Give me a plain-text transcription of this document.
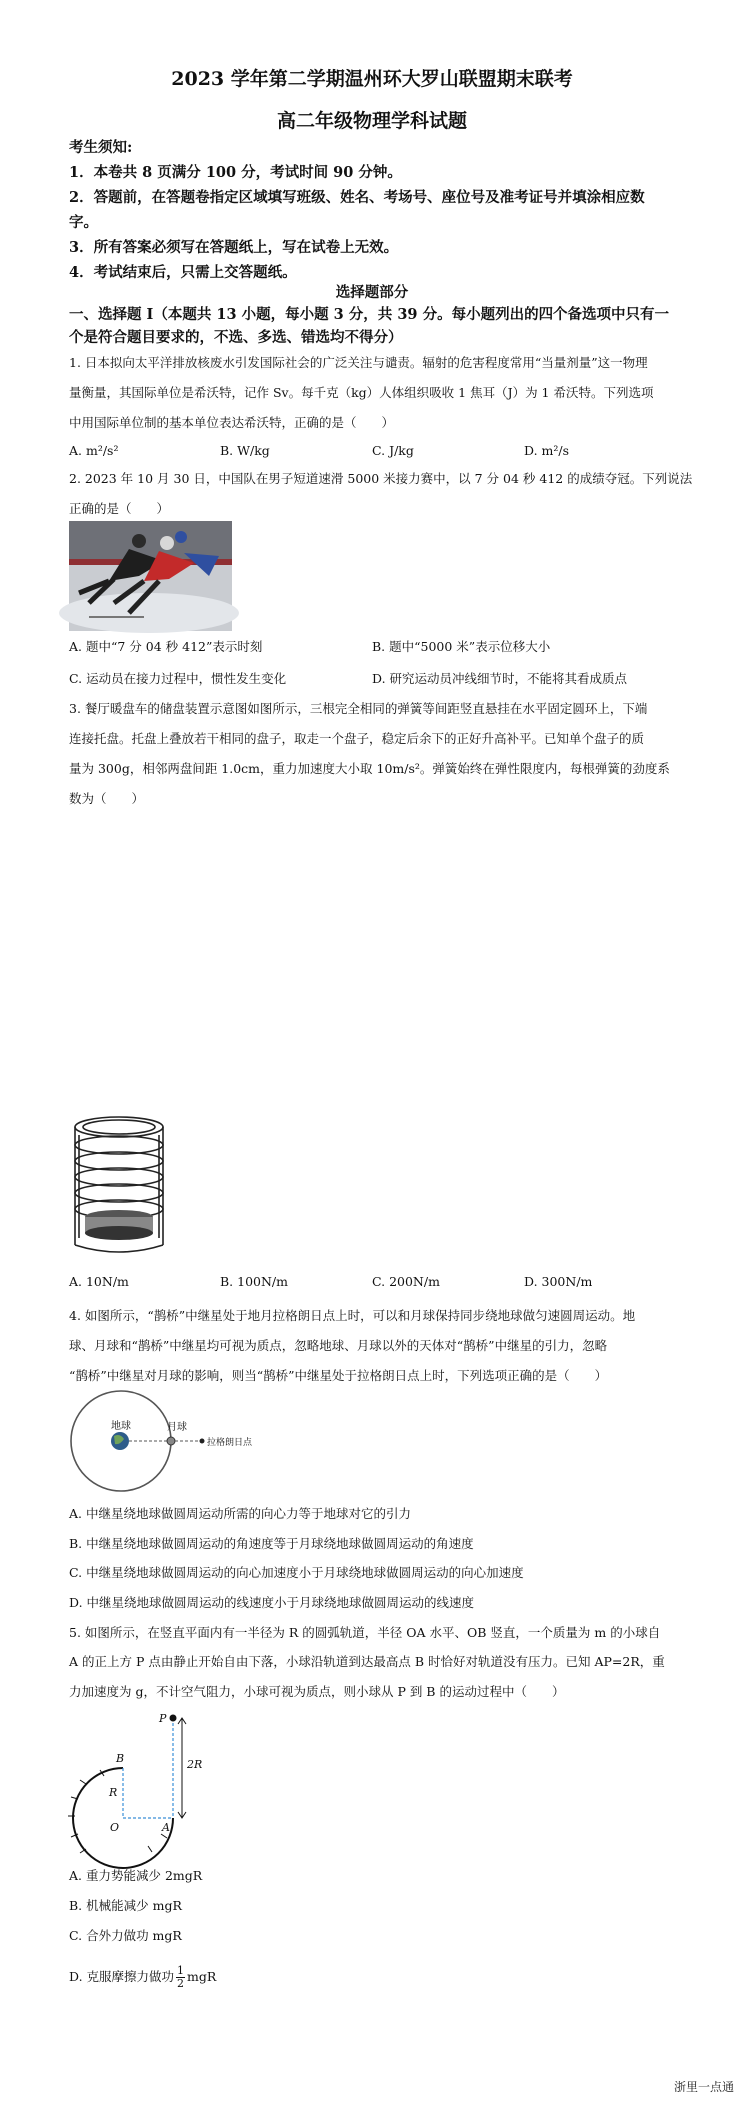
2023 学年第二学期温州环大罗山联盟期末联考
高二年级物理学科试题
考生须知:
1．本卷共 8 页满分 100 分，考试时间 90 分钟。
2．答题前，在答题卷指定区域填写班级、姓名、考场号、座位号及准考证号并填涂相应数
字。
3．所有答案必须写在答题纸上，写在试卷上无效。
4．考试结束后，只需上交答题纸。
选择题部分
一、选择题 I（本题共 13 小题，每小题 3 分，共 39 分。每小题列出的四个备选项中只有一
个是符合题目要求的，不选、多选、错选均不得分）
1. 日本拟向太平洋排放核废水引发国际社会的广泛关注与谴责。辐射的危害程度常用“当量剂量”这一物理
量衡量，其国际单位是希沃特，记作 Sv。每千克（kg）人体组织吸收 1 焦耳（J）为 1 希沃特。下列选项
中用国际单位制的基本单位表达希沃特，正确的是（　　）
A. m²/s²	B. W/kg	C. J/kg	D. m²/s
2. 2023 年 10 月 30 日，中国队在男子短道速滑 5000 米接力赛中，以 7 分 04 秒 412 的成绩夺冠。下列说法
正确的是（　　）
A. 题中“7 分 04 秒 412”表示时刻	B. 题中“5000 米”表示位移大小
C. 运动员在接力过程中，惯性发生变化	D. 研究运动员冲线细节时，不能将其看成质点
3. 餐厅暖盘车的储盘装置示意图如图所示，三根完全相同的弹簧等间距竖直悬挂在水平固定圆环上，下端
连接托盘。托盘上叠放若干相同的盘子，取走一个盘子，稳定后余下的正好升高补平。已知单个盘子的质
量为 300g，相邻两盘间距 1.0cm，重力加速度大小取 10m/s²。弹簧始终在弹性限度内，每根弹簧的劲度系
数为（　　）
A. 10N/m	B. 100N/m	C. 200N/m	D. 300N/m
4. 如图所示，“鹊桥”中继星处于地月拉格朗日点上时，可以和月球保持同步绕地球做匀速圆周运动。地
球、月球和“鹊桥”中继星均可视为质点，忽略地球、月球以外的天体对“鹊桥”中继星的引力，忽略
“鹊桥”中继星对月球的影响，则当“鹊桥”中继星处于拉格朗日点上时，下列选项正确的是（　　）
地球	月球
拉格朗日点
A. 中继星绕地球做圆周运动所需的向心力等于地球对它的引力
B. 中继星绕地球做圆周运动的角速度等于月球绕地球做圆周运动的角速度
C. 中继星绕地球做圆周运动的向心加速度小于月球绕地球做圆周运动的向心加速度
D. 中继星绕地球做圆周运动的线速度小于月球绕地球做圆周运动的线速度
5. 如图所示，在竖直平面内有一半径为 R 的圆弧轨道，半径 OA 水平、OB 竖直，一个质量为 m 的小球自
A 的正上方 P 点由静止开始自由下落，小球沿轨道到达最高点 B 时恰好对轨道没有压力。已知 AP=2R，重
力加速度为 g，不计空气阻力，小球可视为质点，则小球从 P 到 B 的运动过程中（　　）
P
B
R
2R
O	A
A. 重力势能减少 2mgR
B. 机械能减少 mgR
C. 合外力做功 mgR
D. 克服摩擦力做功 $\frac{1}{2}$ mgR
浙里一点通
